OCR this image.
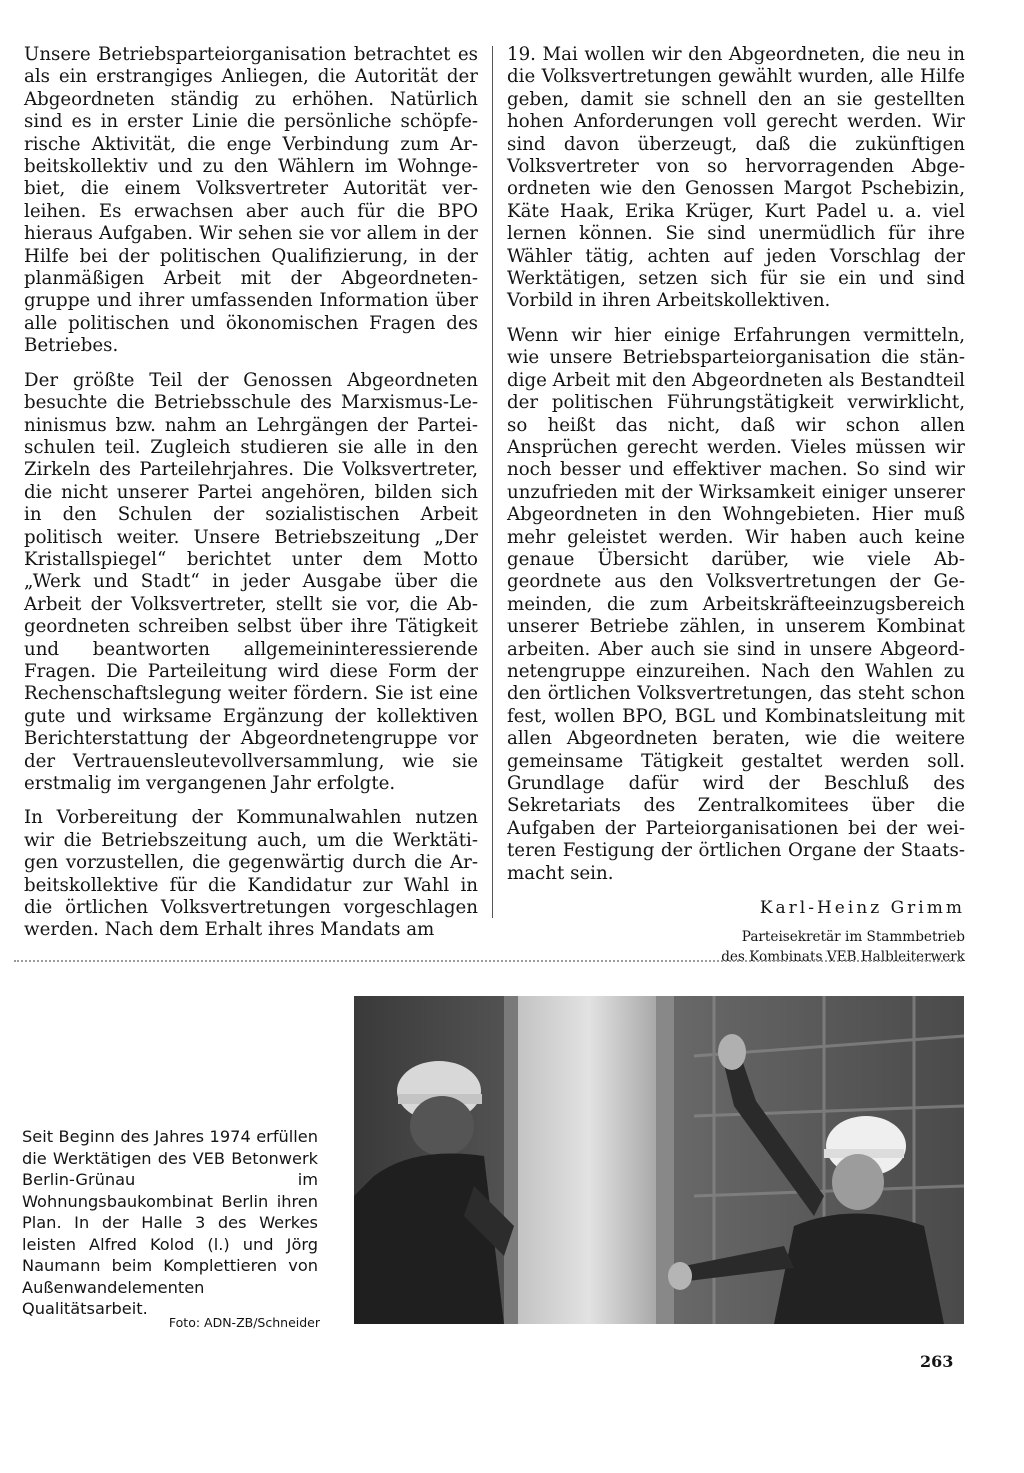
Unsere Betriebsparteiorganisation betrachtet es als ein erstrangiges Anliegen, die Autorität der Abgeordneten ständig zu erhöhen. Natürlich sind es in erster Linie die persönliche schöpferische Aktivität, die enge Verbindung zum Arbeitskollektiv und zu den Wählern im Wohngebiet, die einem Volksvertreter Autorität verleihen. Es erwachsen aber auch für die BPO hieraus Aufgaben. Wir sehen sie vor allem in der Hilfe bei der politischen Qualifizierung, in der planmäßigen Arbeit mit der Abgeordnetengruppe und ihrer umfassenden Information über alle politischen und ökonomischen Fragen des Betriebes.

Der größte Teil der Genossen Abgeordneten besuchte die Betriebsschule des Marxismus-Leninismus bzw. nahm an Lehrgängen der Parteischulen teil. Zugleich studieren sie alle in den Zirkeln des Parteilehrjahres. Die Volksvertreter, die nicht unserer Partei angehören, bilden sich in den Schulen der sozialistischen Arbeit politisch weiter. Unsere Betriebszeitung „Der Kristallspiegel“ berichtet unter dem Motto „Werk und Stadt“ in jeder Ausgabe über die Arbeit der Volksvertreter, stellt sie vor, die Abgeordneten schreiben selbst über ihre Tätigkeit und beantworten allgemeininteressierende Fragen. Die Parteileitung wird diese Form der Rechenschaftslegung weiter fördern. Sie ist eine gute und wirksame Ergänzung der kollektiven Berichterstattung der Abgeordnetengruppe vor der Vertrauensleutevollversammlung, wie sie erstmalig im vergangenen Jahr erfolgte.

In Vorbereitung der Kommunalwahlen nutzen wir die Betriebszeitung auch, um die Werktätigen vorzustellen, die gegenwärtig durch die Arbeitskollektive für die Kandidatur zur Wahl in die örtlichen Volksvertretungen vorgeschlagen werden. Nach dem Erhalt ihres Mandats am

19. Mai wollen wir den Abgeordneten, die neu in die Volksvertretungen gewählt wurden, alle Hilfe geben, damit sie schnell den an sie gestellten hohen Anforderungen voll gerecht werden. Wir sind davon überzeugt, daß die zukünftigen Volksvertreter von so hervorragenden Abgeordneten wie den Genossen Margot Pschebizin, Käte Haak, Erika Krüger, Kurt Padel u. a. viel lernen können. Sie sind unermüdlich für ihre Wähler tätig, achten auf jeden Vorschlag der Werktätigen, setzen sich für sie ein und sind Vorbild in ihren Arbeitskollektiven.

Wenn wir hier einige Erfahrungen vermitteln, wie unsere Betriebsparteiorganisation die ständige Arbeit mit den Abgeordneten als Bestandteil der politischen Führungstätigkeit verwirklicht, so heißt das nicht, daß wir schon allen Ansprüchen gerecht werden. Vieles müssen wir noch besser und effektiver machen. So sind wir unzufrieden mit der Wirksamkeit einiger unserer Abgeordneten in den Wohngebieten. Hier muß mehr geleistet werden. Wir haben auch keine genaue Übersicht darüber, wie viele Abgeordnete aus den Volksvertretungen der Gemeinden, die zum Arbeitskräfteeinzugsbereich unserer Betriebe zählen, in unserem Kombinat arbeiten. Aber auch sie sind in unsere Abgeordnetengruppe einzureihen. Nach den Wahlen zu den örtlichen Volksvertretungen, das steht schon fest, wollen BPO, BGL und Kombinatsleitung mit allen Abgeordneten beraten, wie die weitere gemeinsame Tätigkeit gestaltet werden soll. Grundlage dafür wird der Beschluß des Sekretariats des Zentralkomitees über die Aufgaben der Parteiorganisationen bei der weiteren Festigung der örtlichen Organe der Staatsmacht sein.

Karl-Heinz Grimm
Parteisekretär im Stammbetrieb
des Kombinats VEB Halbleiterwerk
Seit Beginn des Jahres 1974 erfüllen die Werktätigen des VEB Betonwerk Berlin-Grünau im Wohnungsbaukombinat Berlin ihren Plan. In der Halle 3 des Werkes leisten Alfred Kolod (l.) und Jörg Naumann beim Komplettieren von Außenwandelementen Qualitätsarbeit.
Foto: ADN-ZB/Schneider
263
